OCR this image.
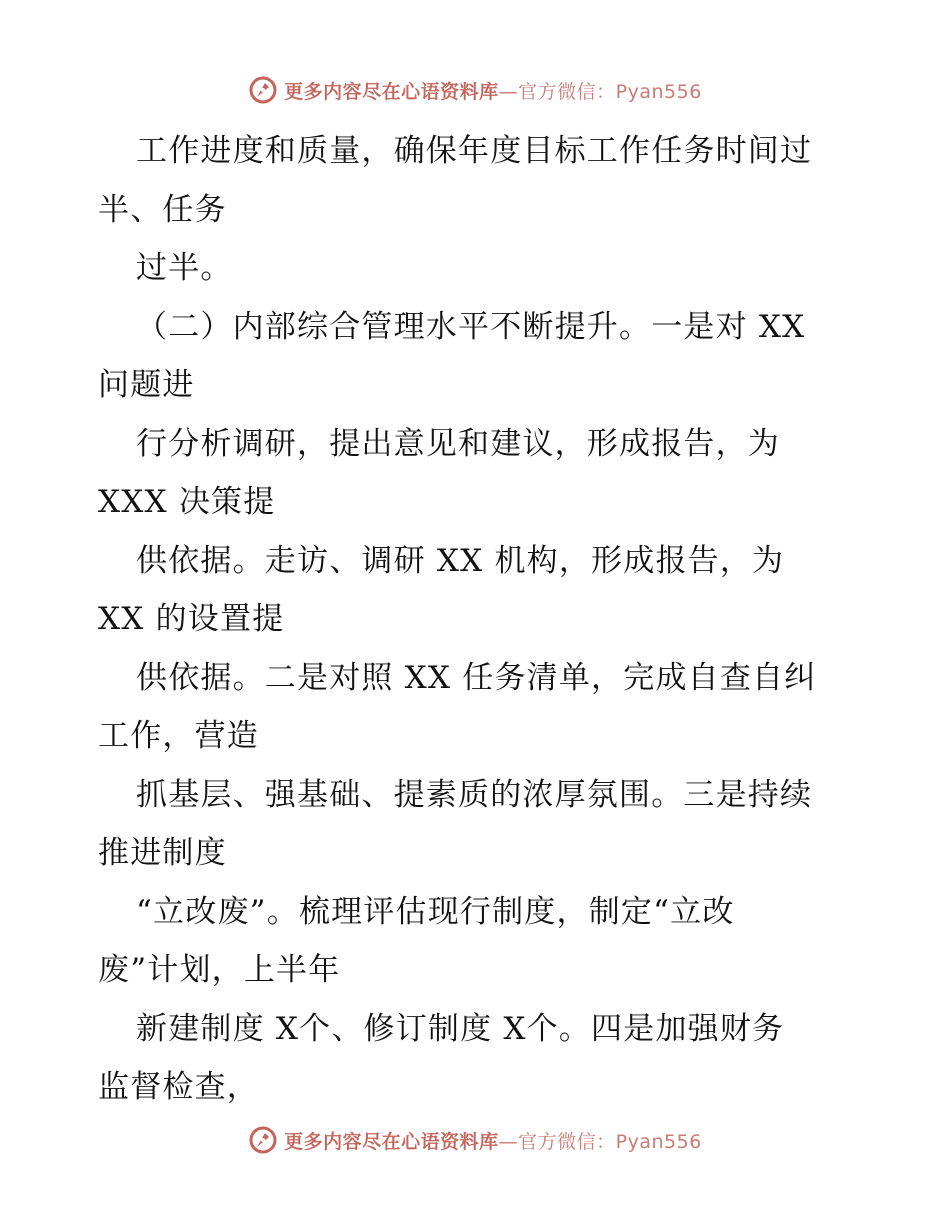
更多内容尽在心语资料库—官方微信：Pyan556
工作进度和质量，确保年度目标工作任务时间过
半、任务
过半。
（二）内部综合管理水平不断提升。一是对 XX
问题进
行分析调研，提出意见和建议，形成报告，为
XXX 决策提
供依据。走访、调研 XX 机构，形成报告，为
XX 的设置提
供依据。二是对照 XX 任务清单，完成自查自纠
工作，营造
抓基层、强基础、提素质的浓厚氛围。三是持续
推进制度
“立改废”。梳理评估现行制度，制定“立改
废”计划，上半年
新建制度 X个、修订制度 X个。四是加强财务
监督检查，
更多内容尽在心语资料库—官方微信：Pyan556
